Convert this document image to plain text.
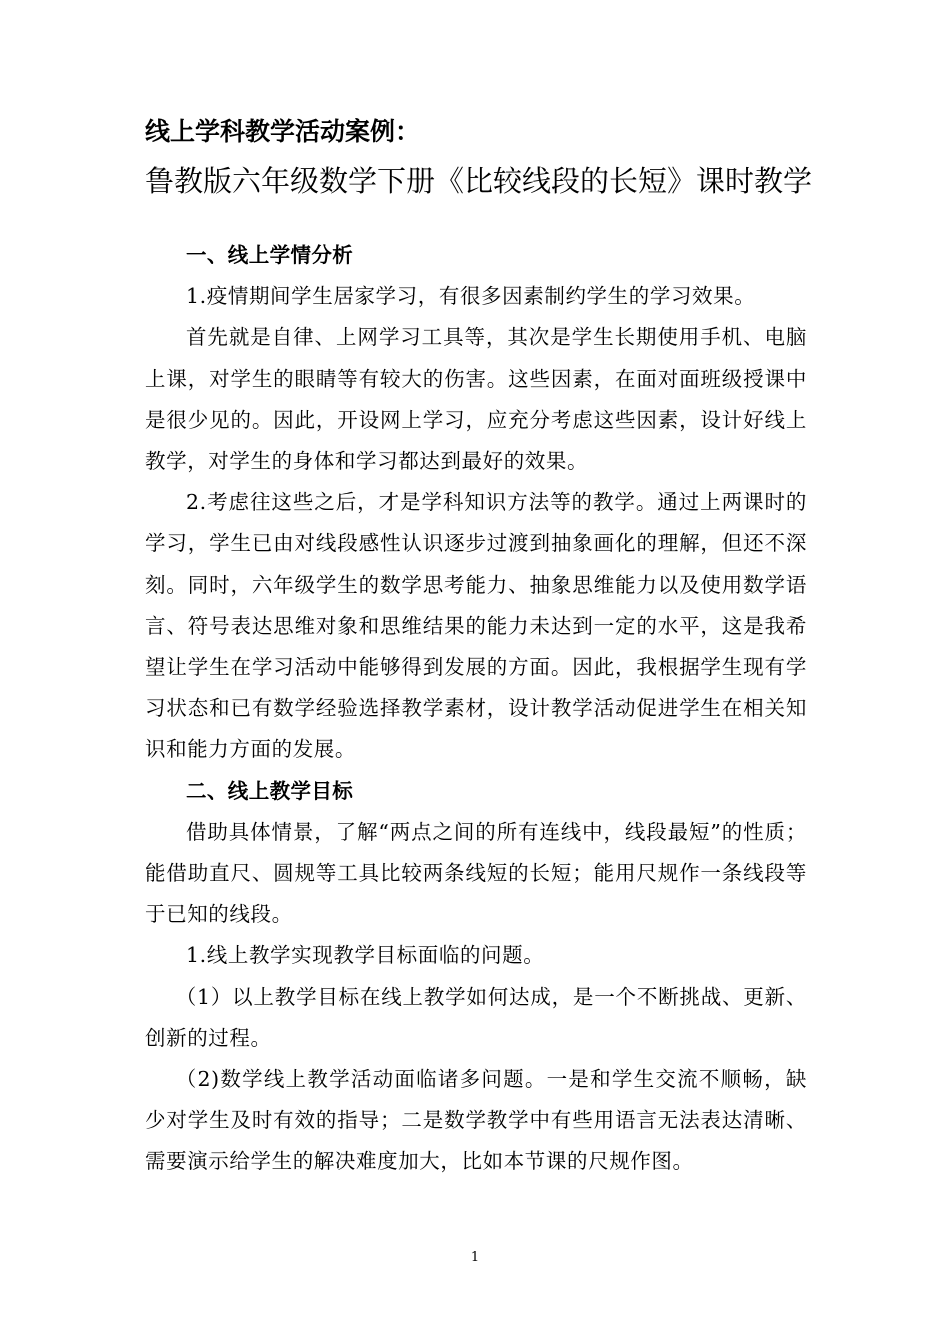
线上学科教学活动案例：
鲁教版六年级数学下册《比较线段的长短》课时教学

一、线上学情分析

1.疫情期间学生居家学习，有很多因素制约学生的学习效果。

首先就是自律、上网学习工具等，其次是学生长期使用手机、电脑上课，对学生的眼睛等有较大的伤害。这些因素，在面对面班级授课中是很少见的。因此，开设网上学习，应充分考虑这些因素，设计好线上教学，对学生的身体和学习都达到最好的效果。

2.考虑往这些之后，才是学科知识方法等的教学。通过上两课时的学习，学生已由对线段感性认识逐步过渡到抽象画化的理解，但还不深刻。同时，六年级学生的数学思考能力、抽象思维能力以及使用数学语言、符号表达思维对象和思维结果的能力未达到一定的水平，这是我希望让学生在学习活动中能够得到发展的方面。因此，我根据学生现有学习状态和已有数学经验选择教学素材，设计教学活动促进学生在相关知识和能力方面的发展。

二、线上教学目标

借助具体情景，了解“两点之间的所有连线中，线段最短”的性质；能借助直尺、圆规等工具比较两条线短的长短；能用尺规作一条线段等于已知的线段。

1.线上教学实现教学目标面临的问题。

（1）以上教学目标在线上教学如何达成，是一个不断挑战、更新、创新的过程。

（2)数学线上教学活动面临诸多问题。一是和学生交流不顺畅，缺少对学生及时有效的指导；二是数学教学中有些用语言无法表达清晰、需要演示给学生的解决难度加大，比如本节课的尺规作图。

1
